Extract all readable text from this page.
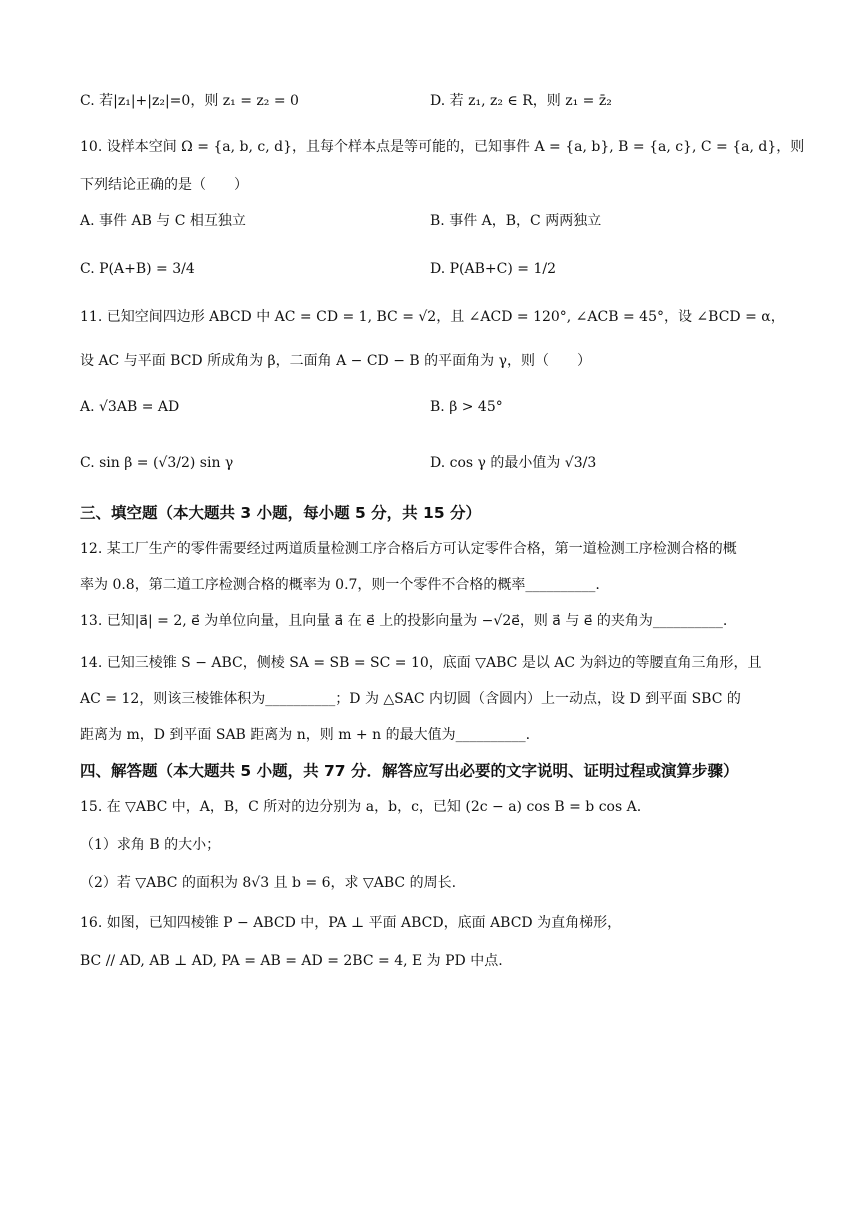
C. 若|z₁|+|z₂|=0，则 z₁ = z₂ = 0	D. 若 z₁, z₂ ∈ R，则 z₁ = z̄₂
10. 设样本空间 Ω = {a, b, c, d}，且每个样本点是等可能的，已知事件 A = {a, b}, B = {a, c}, C = {a, d}，则
下列结论正确的是（　　）
A. 事件 AB 与 C 相互独立	B. 事件 A，B，C 两两独立
C. P(A+B) = 3/4	D. P(AB+C) = 1/2
11. 已知空间四边形 ABCD 中 AC = CD = 1, BC = √2，且 ∠ACD = 120°, ∠ACB = 45°，设 ∠BCD = α，
设 AC 与平面 BCD 所成角为 β，二面角 A − CD − B 的平面角为 γ，则（　　）
A. √3AB = AD	B. β > 45°
C. sin β = (√3/2) sin γ	D. cos γ 的最小值为 √3/3
三、填空题（本大题共 3 小题，每小题 5 分，共 15 分）
12. 某工厂生产的零件需要经过两道质量检测工序合格后方可认定零件合格，第一道检测工序检测合格的概
率为 0.8，第二道工序检测合格的概率为 0.7，则一个零件不合格的概率__________.
13. 已知|a⃗| = 2, e⃗ 为单位向量，且向量 a⃗ 在 e⃗ 上的投影向量为 −√2e⃗，则 a⃗ 与 e⃗ 的夹角为__________.
14. 已知三棱锥 S − ABC，侧棱 SA = SB = SC = 10，底面 ▽ABC 是以 AC 为斜边的等腰直角三角形，且
AC = 12，则该三棱锥体积为__________；D 为 △SAC 内切圆（含圆内）上一动点，设 D 到平面 SBC 的
距离为 m，D 到平面 SAB 距离为 n，则 m + n 的最大值为__________.
四、解答题（本大题共 5 小题，共 77 分．解答应写出必要的文字说明、证明过程或演算步骤）
15. 在 ▽ABC 中，A，B，C 所对的边分别为 a，b，c，已知 (2c − a) cos B = b cos A.
（1）求角 B 的大小；
（2）若 ▽ABC 的面积为 8√3 且 b = 6，求 ▽ABC 的周长.
16. 如图，已知四棱锥 P − ABCD 中，PA ⊥ 平面 ABCD，底面 ABCD 为直角梯形，
BC // AD, AB ⊥ AD, PA = AB = AD = 2BC = 4, E 为 PD 中点.
